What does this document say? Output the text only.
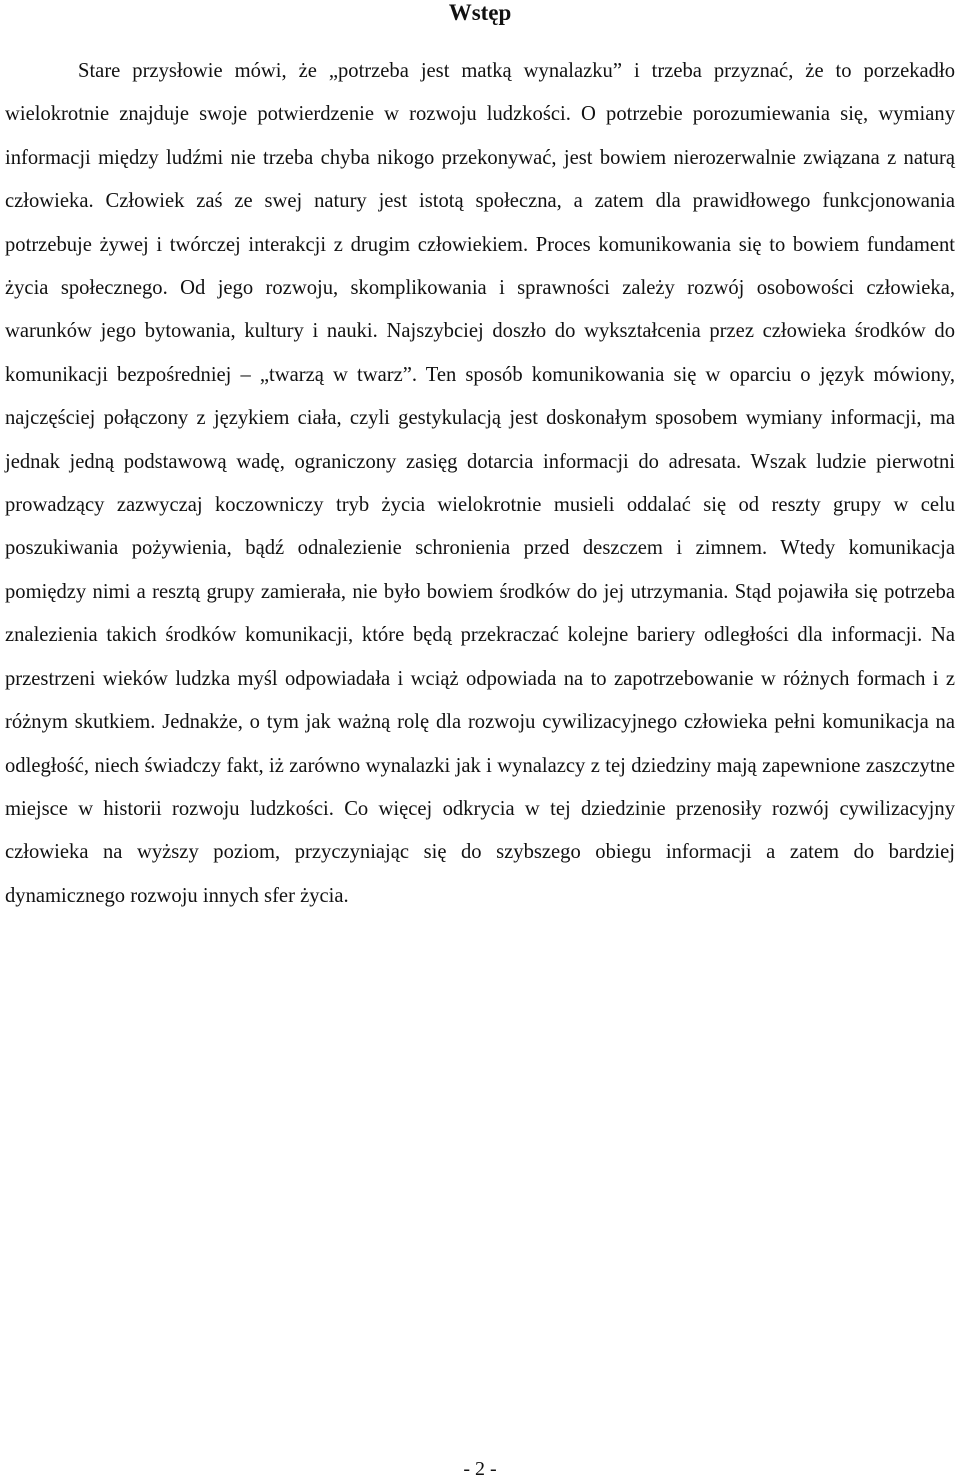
Wstęp

Stare przysłowie mówi, że „potrzeba jest matką wynalazku” i trzeba przyznać, że to porzekadło wielokrotnie znajduje swoje potwierdzenie w rozwoju ludzkości. O potrzebie porozumiewania się, wymiany informacji między ludźmi nie trzeba chyba nikogo przekonywać, jest bowiem nierozerwalnie związana z naturą człowieka. Człowiek zaś ze swej natury jest istotą społeczna, a zatem dla prawidłowego funkcjonowania potrzebuje żywej i twórczej interakcji z drugim człowiekiem. Proces komunikowania się to bowiem fundament życia społecznego. Od jego rozwoju, skomplikowania i sprawności zależy rozwój osobowości człowieka, warunków jego bytowania, kultury i nauki. Najszybciej doszło do wykształcenia przez człowieka środków do komunikacji bezpośredniej – „twarzą w twarz”. Ten sposób komunikowania się w oparciu o język mówiony, najczęściej połączony z językiem ciała, czyli gestykulacją jest doskonałym sposobem wymiany informacji, ma jednak jedną podstawową wadę, ograniczony zasięg dotarcia informacji do adresata. Wszak ludzie pierwotni prowadzący zazwyczaj koczowniczy tryb życia wielokrotnie musieli oddalać się od reszty grupy w celu poszukiwania pożywienia, bądź odnalezienie schronienia przed deszczem i zimnem. Wtedy komunikacja pomiędzy nimi a resztą grupy zamierała, nie było bowiem środków do jej utrzymania. Stąd pojawiła się potrzeba znalezienia takich środków komunikacji, które będą przekraczać kolejne bariery odległości dla informacji. Na przestrzeni wieków ludzka myśl odpowiadała i wciąż odpowiada na to zapotrzebowanie w różnych formach i z różnym skutkiem. Jednakże, o tym jak ważną rolę dla rozwoju cywilizacyjnego człowieka pełni komunikacja na odległość, niech świadczy fakt, iż zarówno wynalazki jak i wynalazcy z tej dziedziny mają zapewnione zaszczytne miejsce w historii rozwoju ludzkości. Co więcej odkrycia w tej dziedzinie przenosiły rozwój cywilizacyjny człowieka na wyższy poziom, przyczyniając się do szybszego obiegu informacji a zatem do bardziej dynamicznego rozwoju innych sfer życia.

- 2 -
